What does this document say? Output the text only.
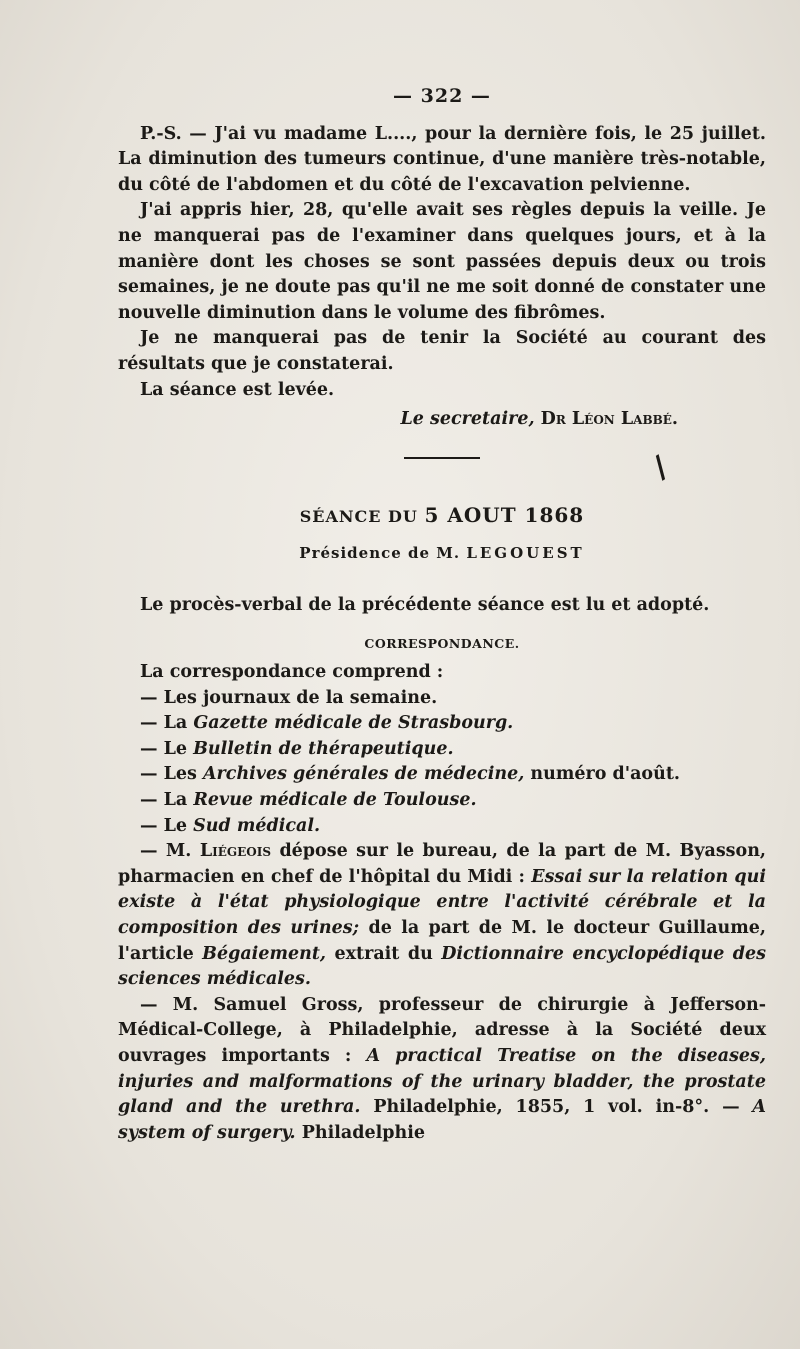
— 322 —

P.-S. — J'ai vu madame L...., pour la dernière fois, le 25 juillet. La diminution des tumeurs continue, d'une manière très-notable, du côté de l'abdomen et du côté de l'excavation pelvienne.

J'ai appris hier, 28, qu'elle avait ses règles depuis la veille. Je ne manquerai pas de l'examiner dans quelques jours, et à la manière dont les choses se sont passées depuis deux ou trois semaines, je ne doute pas qu'il ne me soit donné de constater une nouvelle diminution dans le volume des fibrômes.

Je ne manquerai pas de tenir la Société au courant des résultats que je constaterai.

La séance est levée.

Le secretaire, Dr Léon Labbé.

SÉANCE DU 5 AOUT 1868
Présidence de M. LEGOUEST

Le procès-verbal de la précédente séance est lu et adopté.

CORRESPONDANCE.

La correspondance comprend :

— Les journaux de la semaine.

— La Gazette médicale de Strasbourg.

— Le Bulletin de thérapeutique.

— Les Archives générales de médecine, numéro d'août.

— La Revue médicale de Toulouse.

— Le Sud médical.

— M. Liégeois dépose sur le bureau, de la part de M. Byasson, pharmacien en chef de l'hôpital du Midi : Essai sur la relation qui existe à l'état physiologique entre l'activité cérébrale et la composition des urines; de la part de M. le docteur Guillaume, l'article Bégaiement, extrait du Dictionnaire encyclopédique des sciences médicales.

— M. Samuel Gross, professeur de chirurgie à Jefferson-Médical-College, à Philadelphie, adresse à la Société deux ouvrages importants : A practical Treatise on the diseases, injuries and malformations of the urinary bladder, the prostate gland and the urethra. Philadelphie, 1855, 1 vol. in-8°. — A system of surgery. Philadelphie

∕
